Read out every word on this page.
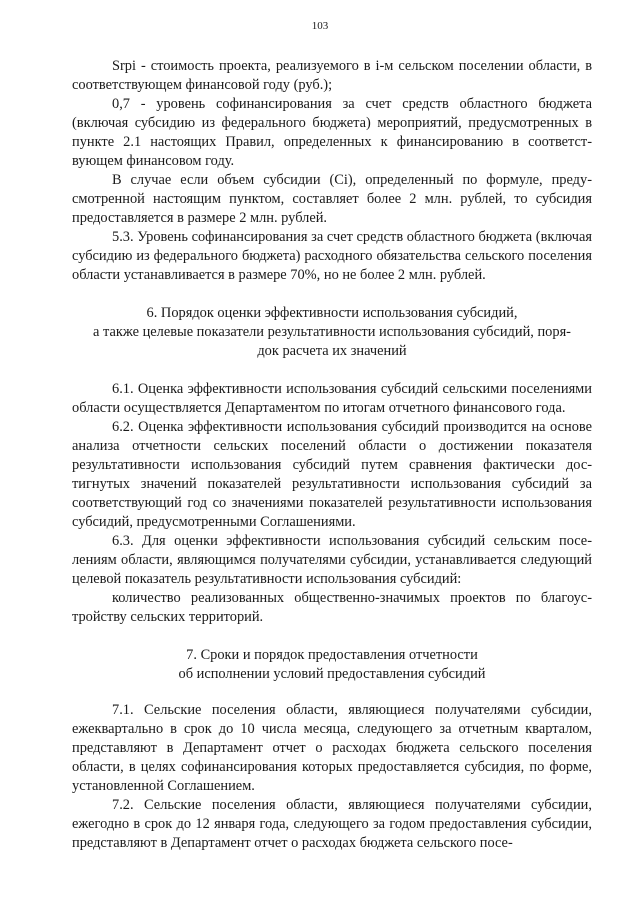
103

Srpi - стоимость проекта, реализуемого в i-м сельском поселении области, в соответствующем финансовой году (руб.);

0,7 - уровень софинансирования за счет средств областного бюджета (включая субсидию из федерального бюджета) мероприятий, предусмотренных в пункте 2.1 настоящих Правил, определенных к финансированию в соответствующем финансовом году.

В случае если объем субсидии (Ci), определенный по формуле, предусмотренной настоящим пунктом, составляет более 2 млн. рублей, то субсидия предоставляется в размере 2 млн. рублей.

5.3. Уровень софинансирования за счет средств областного бюджета (включая субсидию из федерального бюджета) расходного обязательства сельского поселения области устанавливается в размере 70%, но не более 2 млн. рублей.

6. Порядок оценки эффективности использования субсидий,

а также целевые показатели результативности использования субсидий, поря-

док расчета их значений

6.1. Оценка эффективности использования субсидий сельскими поселениями области осуществляется Департаментом по итогам отчетного финансового года.

6.2. Оценка эффективности использования субсидий производится на основе анализа отчетности сельских поселений области о достижении показателя результативности использования субсидий путем сравнения фактически достигнутых значений показателей результативности использования субсидий за соответствующий год со значениями показателей результативности использования субсидий, предусмотренными Соглашениями.

6.3. Для оценки эффективности использования субсидий сельским поселениям области, являющимся получателями субсидии, устанавливается следующий целевой показатель результативности использования субсидий:

количество реализованных общественно-значимых проектов по благоустройству сельских территорий.

7. Сроки и порядок предоставления отчетности

об исполнении условий предоставления субсидий

7.1. Сельские поселения области, являющиеся получателями субсидии, ежеквартально в срок до 10 числа месяца, следующего за отчетным кварталом, представляют в Департамент отчет о расходах бюджета сельского поселения области, в целях софинансирования которых предоставляется субсидия, по форме, установленной Соглашением.

7.2. Сельские поселения области, являющиеся получателями субсидии, ежегодно в срок до 12 января года, следующего за годом предоставления субсидии, представляют в Департамент отчет о расходах бюджета сельского посе-
